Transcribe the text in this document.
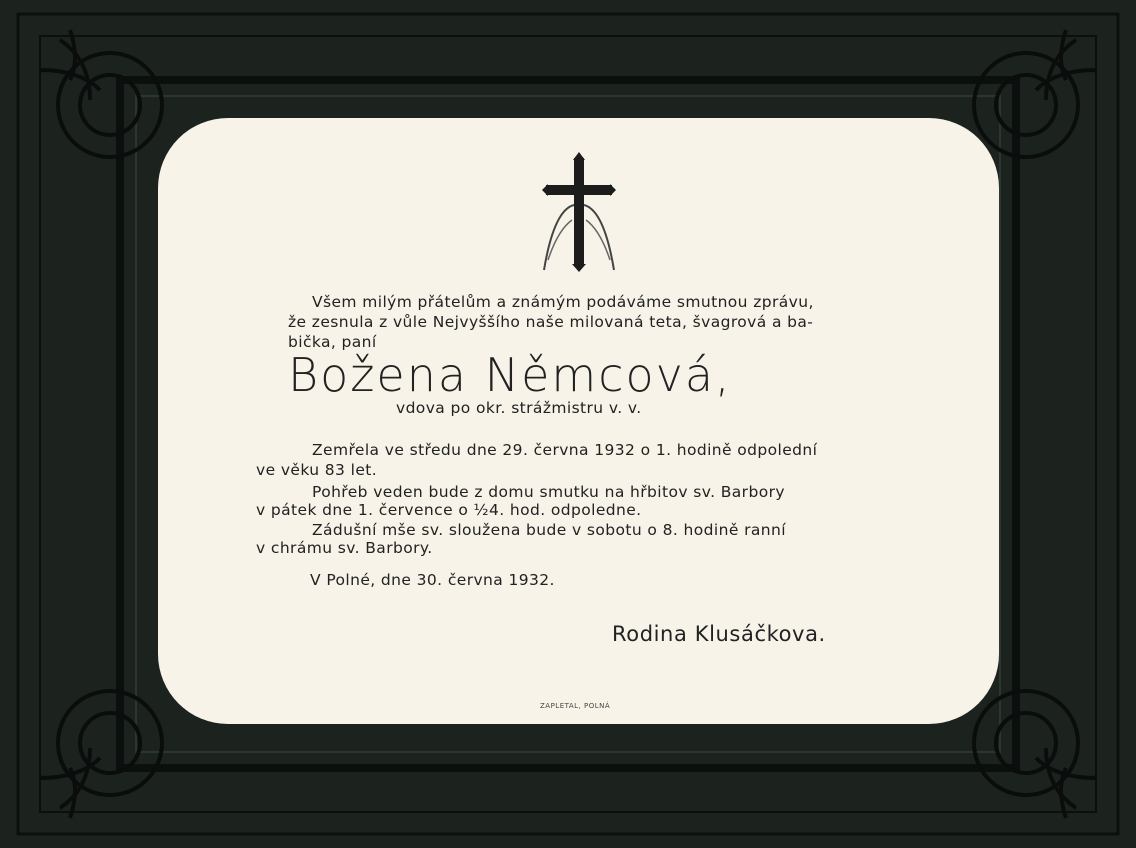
Všem milým přátelům a známým podáváme smutnou zprávu,
že zesnula z vůle Nejvyššího naše milovaná teta, švagrová a ba-
bička, paní
Božena Němcová,
vdova po okr. strážmistru v. v.
Zemřela ve středu dne 29. června 1932 o 1. hodině odpolední
ve věku 83 let.
Pohřeb veden bude z domu smutku na hřbitov sv. Barbory
v pátek dne 1. července o ½4. hod. odpoledne.
Zádušní mše sv. sloužena bude v sobotu o 8. hodině ranní
v chrámu sv. Barbory.
V Polné, dne 30. června 1932.
Rodina Klusáčkova.
ZAPLETAL, POLNÁ
